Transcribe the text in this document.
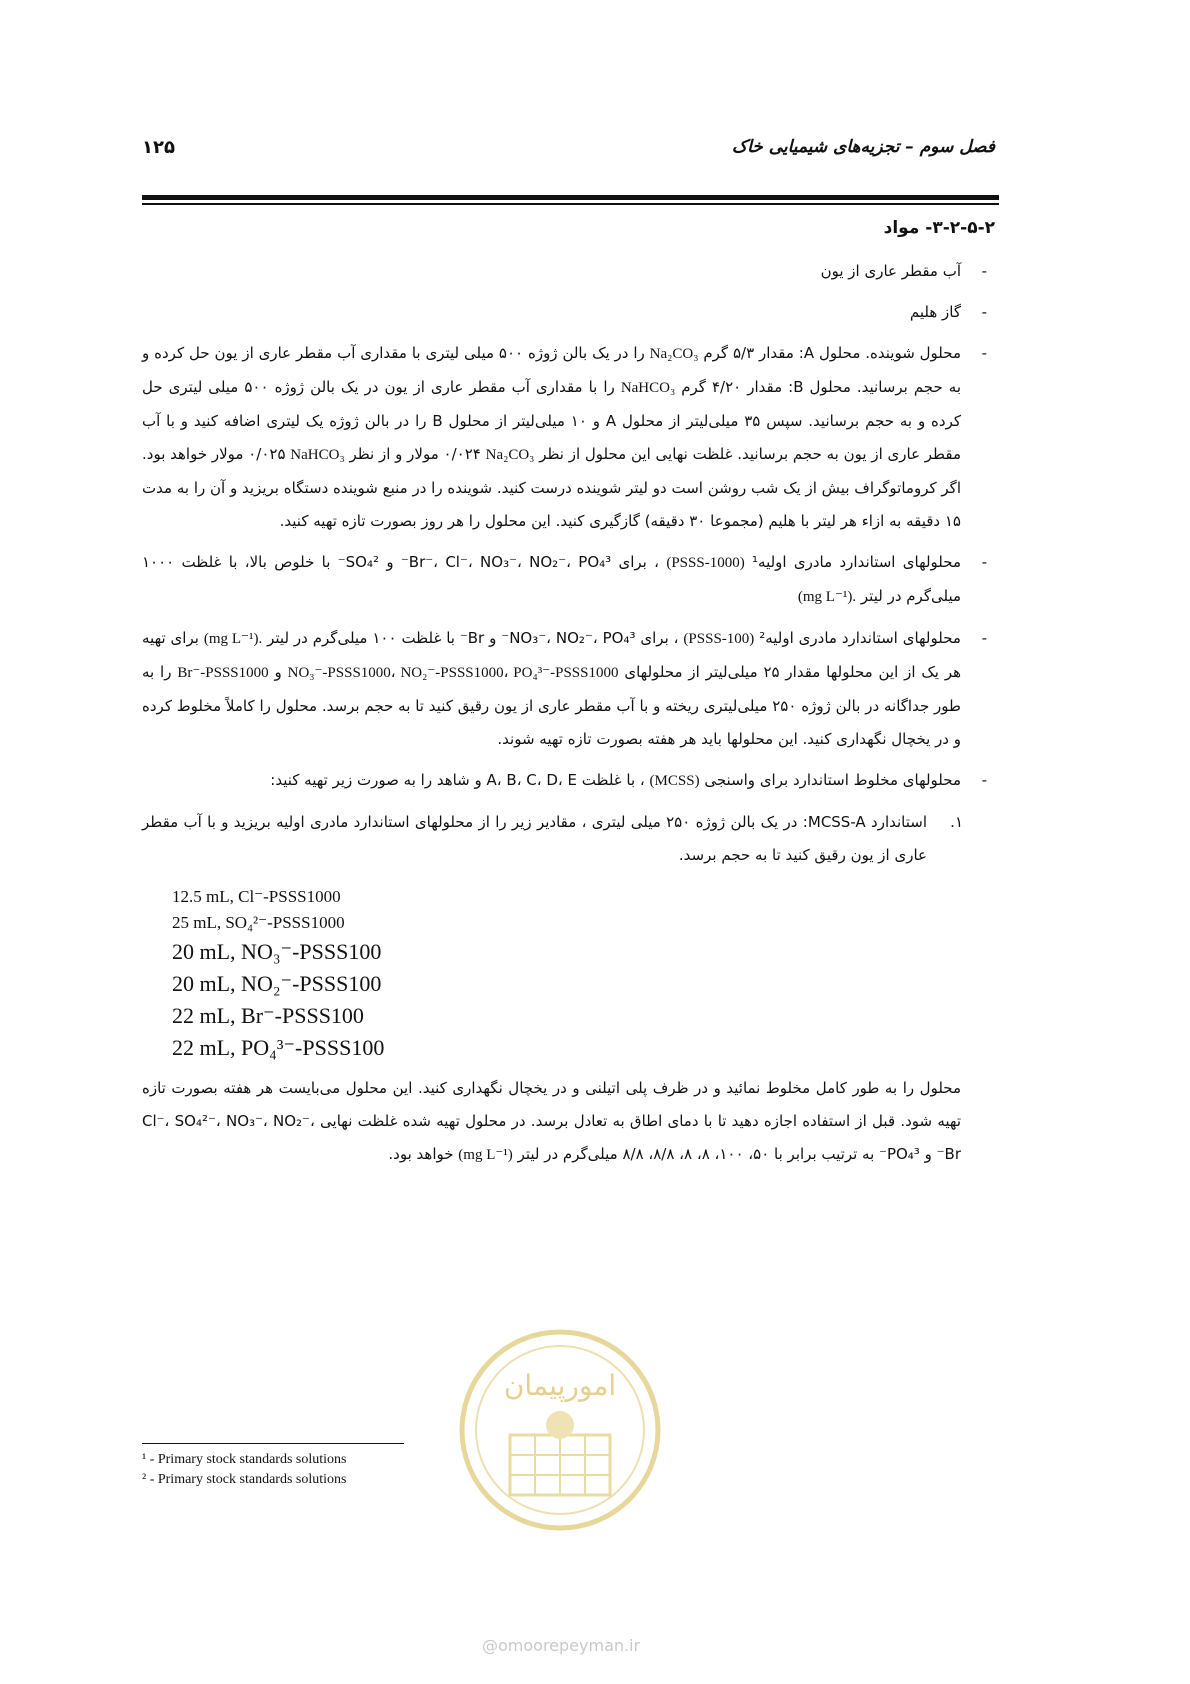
فصل سوم – تجزیه‌های شیمیایی خاک
۱۲۵
۳-۲-۵-۲- مواد
-
آب مقطر عاری از یون
-
گاز هلیم
-
محلول شوینده. محلول A: مقدار ۵/۳ گرم Na₂CO₃ را در یک بالن ژوژه ۵۰۰ میلی لیتری با مقداری آب مقطر عاری از یون حل کرده و به حجم برسانید. محلول B: مقدار ۴/۲۰ گرم NaHCO₃ را با مقداری آب مقطر عاری از یون در یک بالن ژوژه ۵۰۰ میلی لیتری حل کرده و به حجم برسانید. سپس ۳۵ میلی‌لیتر از محلول A و ۱۰ میلی‌لیتر از محلول B را در بالن ژوژه یک لیتری اضافه کنید و با آب مقطر عاری از یون به حجم برسانید. غلظت نهایی این محلول از نظر Na₂CO₃ ۰/۰۲۴ مولار و از نظر NaHCO₃ ۰/۰۲۵ مولار خواهد بود. اگر کروماتوگراف بیش از یک شب روشن است دو لیتر شوینده درست کنید. شوینده را در منبع شوینده دستگاه بریزید و آن را به مدت ۱۵ دقیقه به ازاء هر لیتر با هلیم (مجموعا ۳۰ دقیقه) گازگیری کنید. این محلول را هر روز بصورت تازه تهیه کنید.
-
محلولهای استاندارد مادری اولیه¹ (PSSS-1000) ، برای Br⁻، Cl⁻، NO₃⁻، NO₂⁻، PO₄³⁻ و SO₄²⁻ با خلوص بالا، با غلظت ۱۰۰۰ میلی‌گرم در لیتر (mg L⁻¹).
-
محلولهای استاندارد مادری اولیه² (PSSS-100) ، برای NO₃⁻، NO₂⁻، PO₄³⁻ و Br⁻ با غلظت ۱۰۰ میلی‌گرم در لیتر (mg L⁻¹). برای تهیه هر یک از این محلولها مقدار ۲۵ میلی‌لیتر از محلولهای NO₃⁻-PSSS1000، NO₂⁻-PSSS1000، PO₄³⁻-PSSS1000 و Br⁻-PSSS1000 را به طور جداگانه در بالن ژوژه ۲۵۰ میلی‌لیتری ریخته و با آب مقطر عاری از یون رقیق کنید تا به حجم برسد. محلول را کاملاً مخلوط کرده و در یخچال نگهداری کنید. این محلولها باید هر هفته بصورت تازه تهیه شوند.
-
محلولهای مخلوط استاندارد برای واسنجی (MCSS) ، با غلظت A، B، C، D، E و شاهد را به صورت زیر تهیه کنید:
۱.
استاندارد MCSS-A: در یک بالن ژوژه ۲۵۰ میلی لیتری ، مقادیر زیر را از محلولهای استاندارد مادری اولیه بریزید و با آب مقطر عاری از یون رقیق کنید تا به حجم برسد.
12.5 mL, Cl⁻-PSSS1000
25 mL, SO₄²⁻-PSSS1000
20 mL, NO₃⁻-PSSS100
20 mL, NO₂⁻-PSSS100
22 mL, Br⁻-PSSS100
22 mL, PO₄³⁻-PSSS100
محلول را به طور کامل مخلوط نمائید و در ظرف پلی اتیلنی و در یخچال نگهداری کنید. این محلول می‌بایست هر هفته بصورت تازه تهیه شود. قبل از استفاده اجازه دهید تا با دمای اطاق به تعادل برسد. در محلول تهیه شده غلظت نهایی Cl⁻، SO₄²⁻، NO₃⁻، NO₂⁻، Br⁻ و PO₄³⁻ به ترتیب برابر با ۵۰، ۱۰۰، ۸، ۸، ۸/۸، ۸/۸ میلی‌گرم در لیتر (mg L⁻¹) خواهد بود.
امورپیمان
¹ - Primary stock standards solutions
² - Primary stock standards solutions
@omoorepeyman.ir
